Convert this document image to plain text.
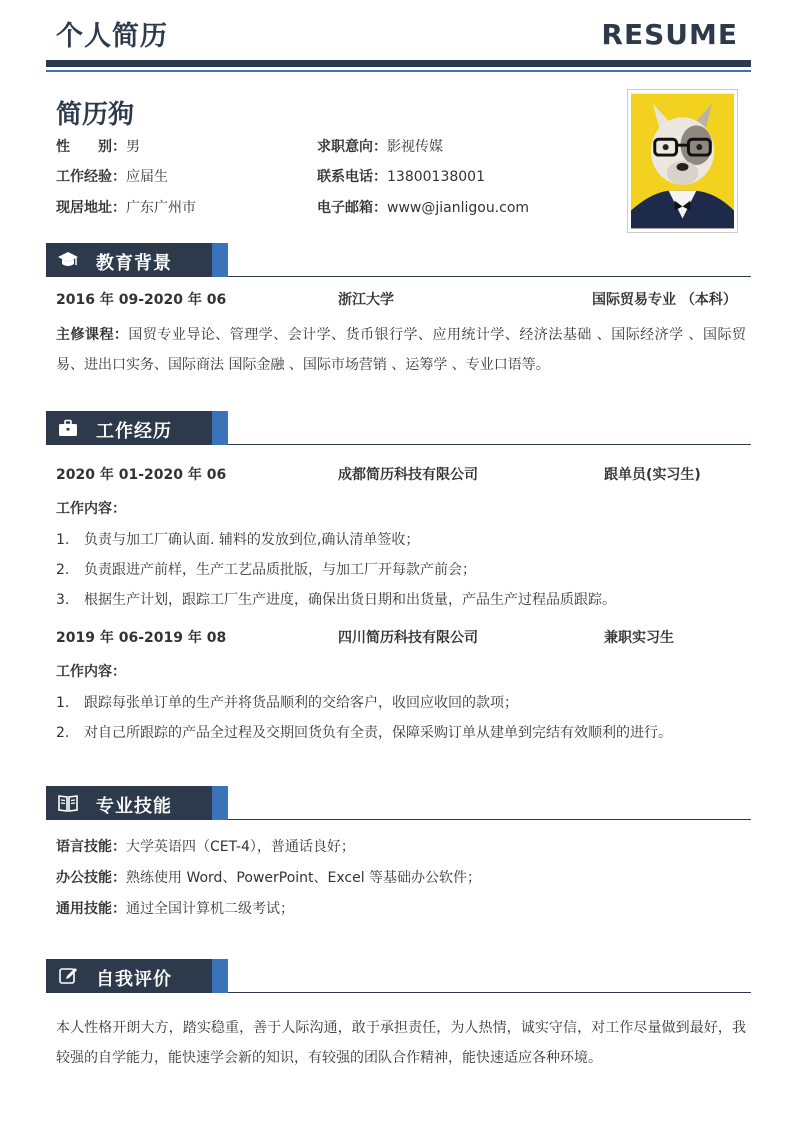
个人简历	RESUME
简历狗
性　　别：男	求职意向：影视传媒
工作经验：应届生	联系电话：13800138001
现居地址：广东广州市	电子邮箱：www@jianligou.com
教育背景
2016 年 09-2020 年 06	浙江大学	国际贸易专业 （本科）
主修课程：国贸专业导论、管理学、会计学、货币银行学、应用统计学、经济法基础 、国际经济学 、国际贸易、进出口实务、国际商法 国际金融 、国际市场营销 、运筹学 、专业口语等。
工作经历
2020 年 01-2020 年 06	成都简历科技有限公司	跟单员(实习生)
工作内容：
1. 负责与加工厂确认面. 辅料的发放到位,确认清单签收；
2. 负责跟进产前样，生产工艺品质批版，与加工厂开每款产前会；
3. 根据生产计划，跟踪工厂生产进度，确保出货日期和出货量，产品生产过程品质跟踪。
2019 年 06-2019 年 08	四川简历科技有限公司	兼职实习生
工作内容：
1. 跟踪每张单订单的生产并将货品顺利的交给客户，收回应收回的款项；
2. 对自己所跟踪的产品全过程及交期回货负有全责，保障采购订单从建单到完结有效顺利的进行。
专业技能
语言技能：大学英语四（CET-4），普通话良好；
办公技能：熟练使用 Word、PowerPoint、Excel 等基础办公软件；
通用技能：通过全国计算机二级考试；
自我评价
本人性格开朗大方，踏实稳重，善于人际沟通，敢于承担责任，为人热情，诚实守信，对工作尽量做到最好，我较强的自学能力，能快速学会新的知识，有较强的团队合作精神，能快速适应各种环境。
